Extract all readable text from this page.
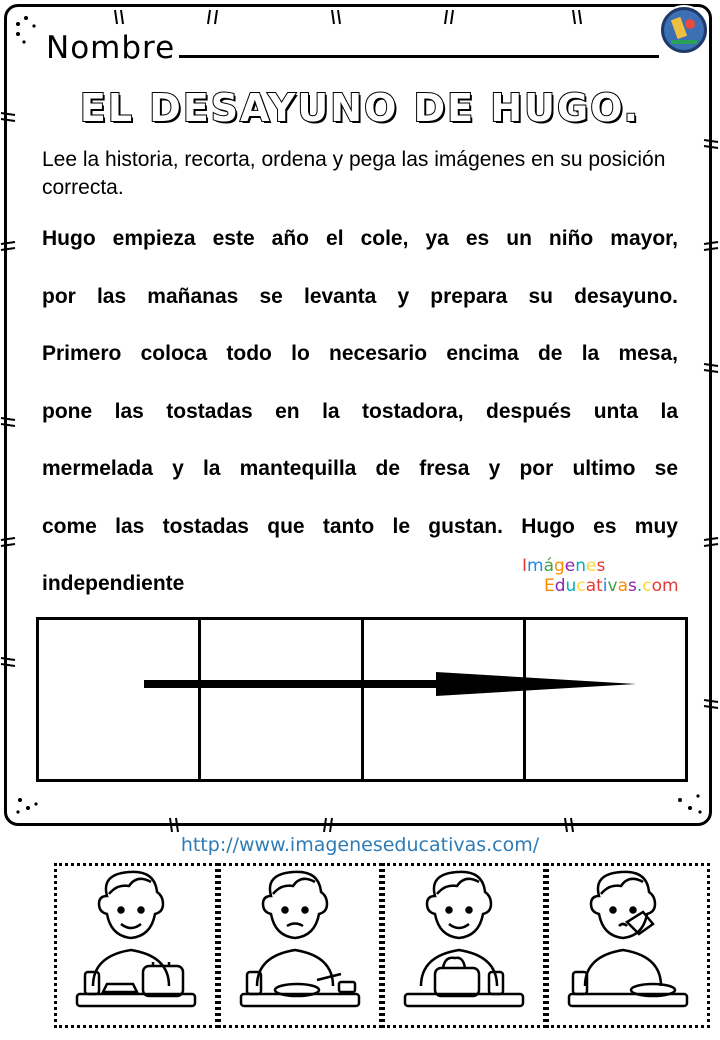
Nombre
EL DESAYUNO DE HUGO.
Lee la historia, recorta, ordena y pega las imágenes en su posición correcta.
Hugo empieza este año el cole, ya es un niño mayor,
por las mañanas se levanta y prepara su desayuno.
Primero coloca todo lo necesario encima de la mesa,
pone las tostadas en la tostadora, después unta la
mermelada y la mantequilla de fresa y por ultimo se
come las tostadas que tanto le gustan. Hugo es muy
independiente
Imágenes
Educativas.com
http://www.imageneseducativas.com/
